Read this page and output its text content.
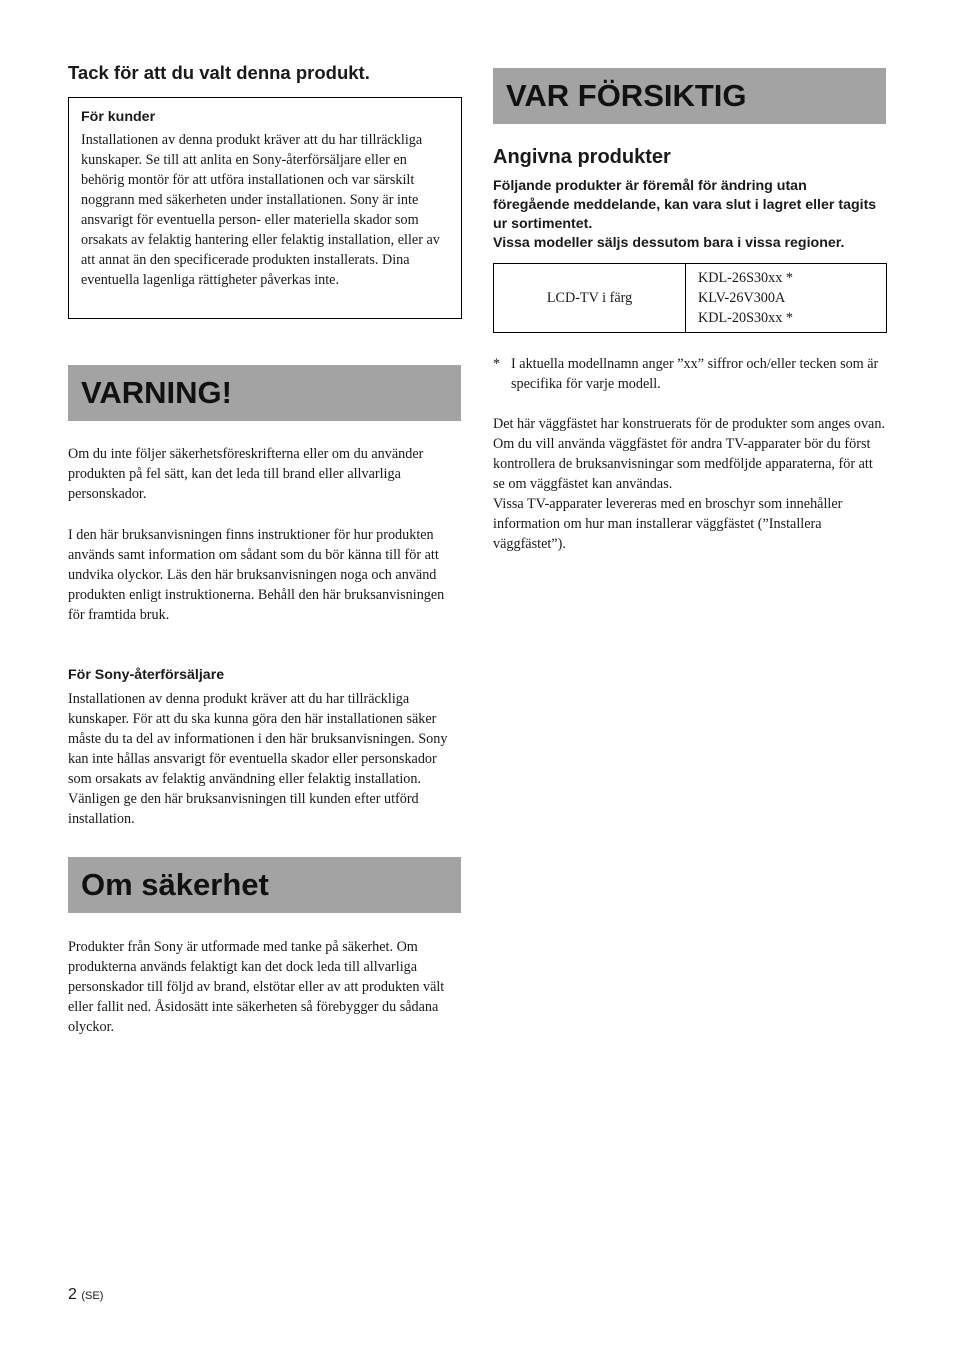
Tack för att du valt denna produkt.

För kunder

Installationen av denna produkt kräver att du har tillräckliga kunskaper. Se till att anlita en Sony-återförsäljare eller en behörig montör för att utföra installationen och var särskilt noggrann med säkerheten under installationen. Sony är inte ansvarigt för eventuella person- eller materiella skador som orsakats av felaktig hantering eller felaktig installation, eller av att annat än den specificerade produkten installerats. Dina eventuella lagenliga rättigheter påverkas inte.

VARNING!

Om du inte följer säkerhetsföreskrifterna eller om du använder produkten på fel sätt, kan det leda till brand eller allvarliga personskador.

I den här bruksanvisningen finns instruktioner för hur produkten används samt information om sådant som du bör känna till för att undvika olyckor. Läs den här bruksanvisningen noga och använd produkten enligt instruktionerna. Behåll den här bruksanvisningen för framtida bruk.

För Sony-återförsäljare

Installationen av denna produkt kräver att du har tillräckliga kunskaper. För att du ska kunna göra den här installationen säker måste du ta del av informationen i den här bruksanvisningen. Sony kan inte hållas ansvarigt för eventuella skador eller personskador som orsakats av felaktig användning eller felaktig installation. Vänligen ge den här bruksanvisningen till kunden efter utförd installation.

Om säkerhet

Produkter från Sony är utformade med tanke på säkerhet. Om produkterna används felaktigt kan det dock leda till allvarliga personskador till följd av brand, elstötar eller av att produkten vält eller fallit ned. Åsidosätt inte säkerheten så förebygger du sådana olyckor.

VAR FÖRSIKTIG
Angivna produkter

Följande produkter är föremål för ändring utan föregående meddelande, kan vara slut i lagret eller tagits ur sortimentet.

Vissa modeller säljs dessutom bara i vissa regioner.

LCD-TV i färg	
KDL-26S30xx *
KLV-26V300A
KDL-20S30xx *
* I aktuella modellnamn anger ”xx” siffror och/eller tecken som är specifika för varje modell.

Det här väggfästet har konstruerats för de produkter som anges ovan.

Om du vill använda väggfästet för andra TV-apparater bör du först kontrollera de bruksanvisningar som medföljde apparaterna, för att se om väggfästet kan användas.

Vissa TV-apparater levereras med en broschyr som innehåller information om hur man installerar väggfästet (”Installera väggfästet”).

2 (SE)
